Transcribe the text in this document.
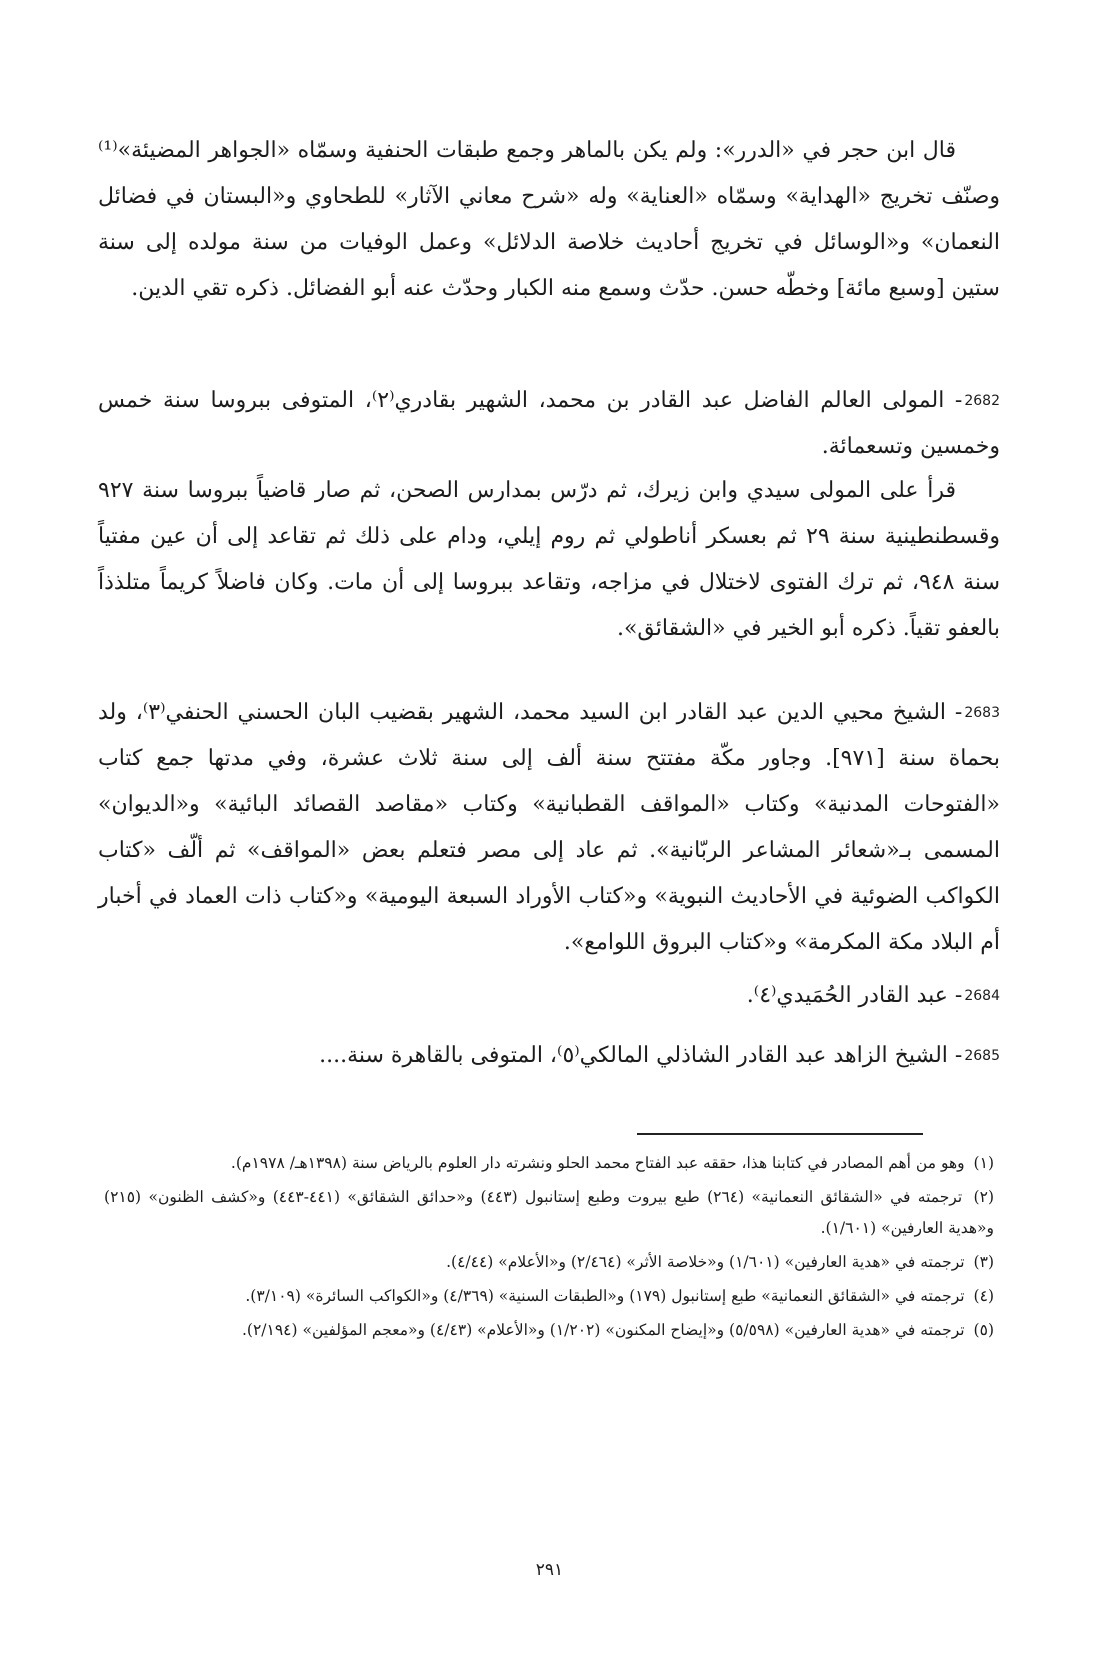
قال ابن حجر في «الدرر»: ولم يكن بالماهر وجمع طبقات الحنفية وسمّاه «الجواهر المضيئة»⁽¹⁾ وصنّف تخريج «الهداية» وسمّاه «العناية» وله «شرح معاني الآثار» للطحاوي و«البستان في فضائل النعمان» و«الوسائل في تخريج أحاديث خلاصة الدلائل» وعمل الوفيات من سنة مولده إلى سنة ستين [وسبع مائة] وخطّه حسن. حدّث وسمع منه الكبار وحدّث عنه أبو الفضائل. ذكره تقي الدين.

2682- المولى العالم الفاضل عبد القادر بن محمد، الشهير بقادري⁽٢⁾، المتوفى ببروسا سنة خمس وخمسين وتسعمائة.

قرأ على المولى سيدي وابن زيرك، ثم درّس بمدارس الصحن، ثم صار قاضياً ببروسا سنة ٩٢٧ وقسطنطينية سنة ٢٩ ثم بعسكر أناطولي ثم روم إيلي، ودام على ذلك ثم تقاعد إلى أن عين مفتياً سنة ٩٤٨، ثم ترك الفتوى لاختلال في مزاجه، وتقاعد ببروسا إلى أن مات. وكان فاضلاً كريماً متلذذاً بالعفو تقياً. ذكره أبو الخير في «الشقائق».

2683- الشيخ محيي الدين عبد القادر ابن السيد محمد، الشهير بقضيب البان الحسني الحنفي⁽٣⁾، ولد بحماة سنة [٩٧١]. وجاور مكّة مفتتح سنة ألف إلى سنة ثلاث عشرة، وفي مدتها جمع كتاب «الفتوحات المدنية» وكتاب «المواقف القطبانية» وكتاب «مقاصد القصائد البائية» و«الديوان» المسمى بـ«شعائر المشاعر الربّانية». ثم عاد إلى مصر فتعلم بعض «المواقف» ثم ألّف «كتاب الكواكب الضوئية في الأحاديث النبوية» و«كتاب الأوراد السبعة اليومية» و«كتاب ذات العماد في أخبار أم البلاد مكة المكرمة» و«كتاب البروق اللوامع».

2684- عبد القادر الحُمَيدي⁽٤⁾.

2685- الشيخ الزاهد عبد القادر الشاذلي المالكي⁽٥⁾، المتوفى بالقاهرة سنة....

(١) وهو من أهم المصادر في كتابنا هذا، حققه عبد الفتاح محمد الحلو ونشرته دار العلوم بالرياض سنة (١٣٩٨هـ/ ١٩٧٨م).

(٢) ترجمته في «الشقائق النعمانية» (٢٦٤) طبع بيروت وطبع إستانبول (٤٤٣) و«حدائق الشقائق» (٤٤١-٤٤٣) و«كشف الظنون» (٢١٥) و«هدية العارفين» (١/٦٠١).

(٣) ترجمته في «هدية العارفين» (١/٦٠١) و«خلاصة الأثر» (٢/٤٦٤) و«الأعلام» (٤/٤٤).

(٤) ترجمته في «الشقائق النعمانية» طبع إستانبول (١٧٩) و«الطبقات السنية» (٤/٣٦٩) و«الكواكب السائرة» (٣/١٠٩).

(٥) ترجمته في «هدية العارفين» (٥/٥٩٨) و«إيضاح المكنون» (١/٢٠٢) و«الأعلام» (٤/٤٣) و«معجم المؤلفين» (٢/١٩٤).

٢٩١
